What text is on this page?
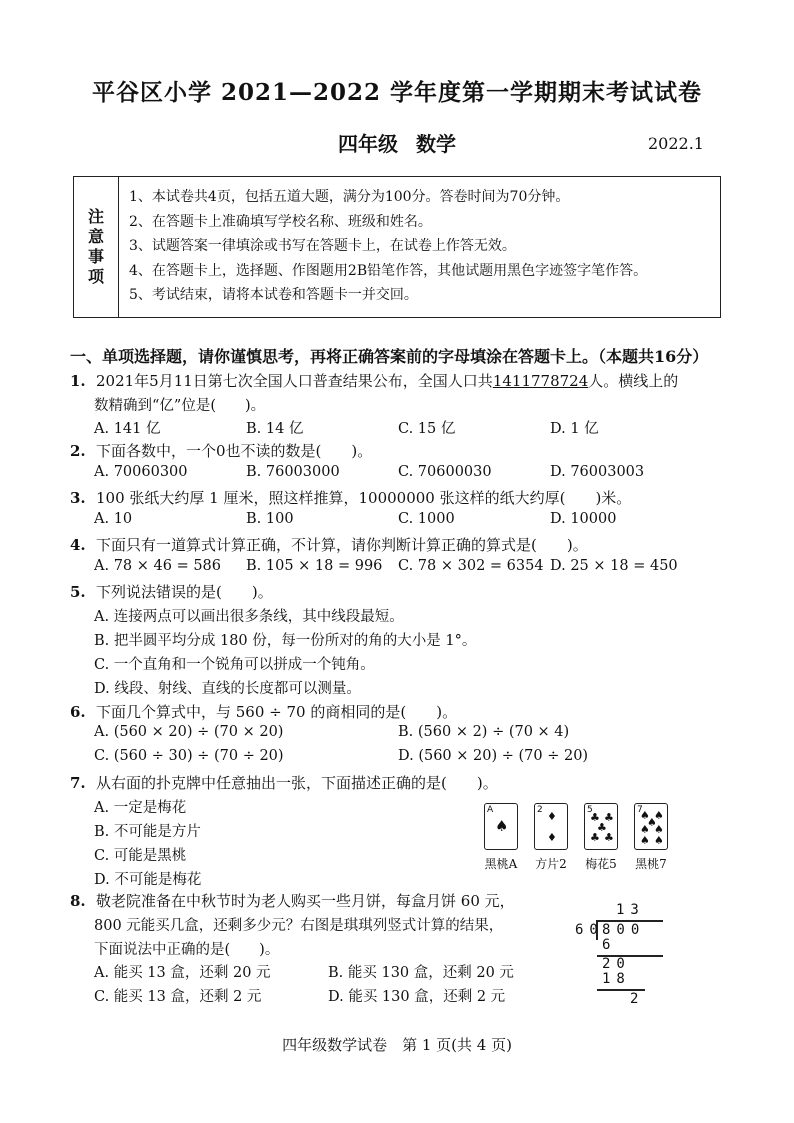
平谷区小学 2021—2022 学年度第一学期期末考试试卷
四年级 数学	2022.1
注
意
事
项
1、本试卷共4页，包括五道大题，满分为100分。答卷时间为70分钟。
2、在答题卡上准确填写学校名称、班级和姓名。
3、试题答案一律填涂或书写在答题卡上，在试卷上作答无效。
4、在答题卡上，选择题、作图题用2B铅笔作答，其他试题用黑色字迹签字笔作答。
5、考试结束，请将本试卷和答题卡一并交回。
一、单项选择题，请你谨慎思考，再将正确答案前的字母填涂在答题卡上。（本题共16分）
1. 2021年5月11日第七次全国人口普查结果公布，全国人口共1411778724人。横线上的
数精确到“亿”位是(　　)。
A. 141 亿	B. 14 亿	C. 15 亿	D. 1 亿
2. 下面各数中，一个0也不读的数是(　　)。
A. 70060300	B. 76003000	C. 70600030	D. 76003003
3. 100 张纸大约厚 1 厘米，照这样推算，10000000 张这样的纸大约厚(　　)米。
A. 10	B. 100	C. 1000	D. 10000
4. 下面只有一道算式计算正确，不计算，请你判断计算正确的算式是(　　)。
A. 78 × 46 = 586 B. 105 × 18 = 996 C. 78 × 302 = 6354 D. 25 × 18 = 450
5. 下列说法错误的是(　　)。
A. 连接两点可以画出很多条线，其中线段最短。
B. 把半圆平均分成 180 份，每一份所对的角的大小是 1°。
C. 一个直角和一个锐角可以拼成一个钝角。
D. 线段、射线、直线的长度都可以测量。
6. 下面几个算式中，与 560 ÷ 70 的商相同的是(　　)。
A. (560 × 20) ÷ (70 × 20)	B. (560 × 2) ÷ (70 × 4)
C. (560 ÷ 30) ÷ (70 ÷ 20)	D. (560 × 20) ÷ (70 ÷ 20)
7. 从右面的扑克牌中任意抽出一张，下面描述正确的是(　　)。
A. 一定是梅花
B. 不可能是方片
C. 可能是黑桃
D. 不可能是梅花
A
♠
黑桃A
2 ♦
♦
方片2
5
♣ ♣
♣
♣ ♣
梅花5
7
♠ ♠
♠
♠ ♠
♠ ♠
黑桃7
8. 敬老院准备在中秋节时为老人购买一些月饼，每盒月饼 60 元，
800 元能买几盒，还剩多少元？右图是琪琪列竖式计算的结果，
下面说法中正确的是(　　)。
A. 能买 13 盒，还剩 20 元	B. 能买 130 盒，还剩 20 元
C. 能买 13 盒，还剩 2 元	D. 能买 130 盒，还剩 2 元
13
60
800
6
20
18
2
四年级数学试卷　第 1 页(共 4 页)
